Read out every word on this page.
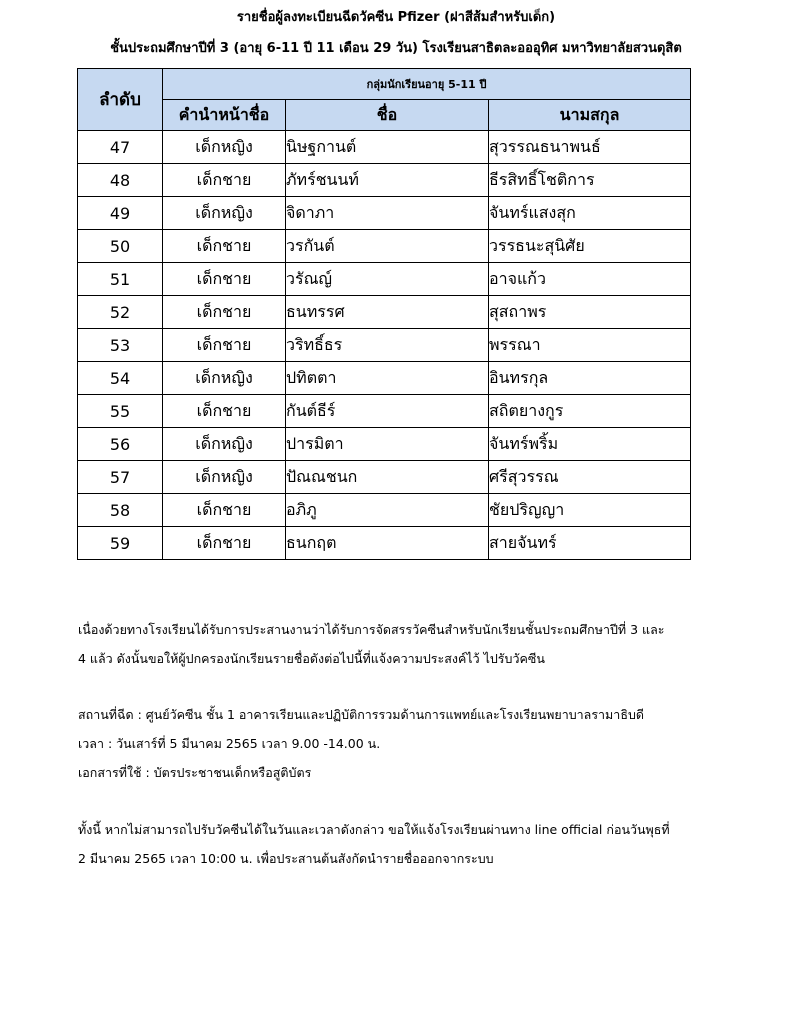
รายชื่อผู้ลงทะเบียนฉีดวัคซีน Pfizer (ฝาสีส้มสำหรับเด็ก)
ชั้นประถมศึกษาปีที่ 3 (อายุ 6-11 ปี 11 เดือน 29 วัน) โรงเรียนสาธิตละอออุทิศ มหาวิทยาลัยสวนดุสิต
ลำดับ	กลุ่มนักเรียนอายุ 5-11 ปี		
	คำนำหน้าชื่อ	ชื่อ	นามสกุล
47	เด็กหญิง	นิษฐกานต์	สุวรรณธนาพนธ์
48	เด็กชาย	ภัทร์ชนนท์	ธีรสิทธิ์โชติการ
49	เด็กหญิง	จิดาภา	จันทร์แสงสุก
50	เด็กชาย	วรกันต์	วรรธนะสุนิศัย
51	เด็กชาย	วรัณญ์	อาจแก้ว
52	เด็กชาย	ธนทรรศ	สุสถาพร
53	เด็กชาย	วริทธิ์ธร	พรรณา
54	เด็กหญิง	ปทิตตา	อินทรกุล
55	เด็กชาย	กันต์ธีร์	สถิตยางกูร
56	เด็กหญิง	ปารมิตา	จันทร์พริ้ม
57	เด็กหญิง	ปัณณชนก	ศรีสุวรรณ
58	เด็กชาย	อภิภู	ชัยปริญญา
59	เด็กชาย	ธนกฤต	สายจันทร์
เนื่องด้วยทางโรงเรียนได้รับการประสานงานว่าได้รับการจัดสรรวัคซีนสำหรับนักเรียนชั้นประถมศึกษาปีที่ 3 และ
4 แล้ว ดังนั้นขอให้ผู้ปกครองนักเรียนรายชื่อดังต่อไปนี้ที่แจ้งความประสงค์ไว้ ไปรับวัคซีน
สถานที่ฉีด : ศูนย์วัคซีน ชั้น 1 อาคารเรียนและปฏิบัติการรวมด้านการแพทย์และโรงเรียนพยาบาลรามาธิบดี
เวลา : วันเสาร์ที่ 5 มีนาคม 2565 เวลา 9.00 -14.00 น.
เอกสารที่ใช้ : บัตรประชาชนเด็กหรือสูติบัตร
ทั้งนี้ หากไม่สามารถไปรับวัคซีนได้ในวันและเวลาดังกล่าว ขอให้แจ้งโรงเรียนผ่านทาง line official ก่อนวันพุธที่
2 มีนาคม 2565 เวลา 10:00 น. เพื่อประสานต้นสังกัดนำรายชื่อออกจากระบบ
